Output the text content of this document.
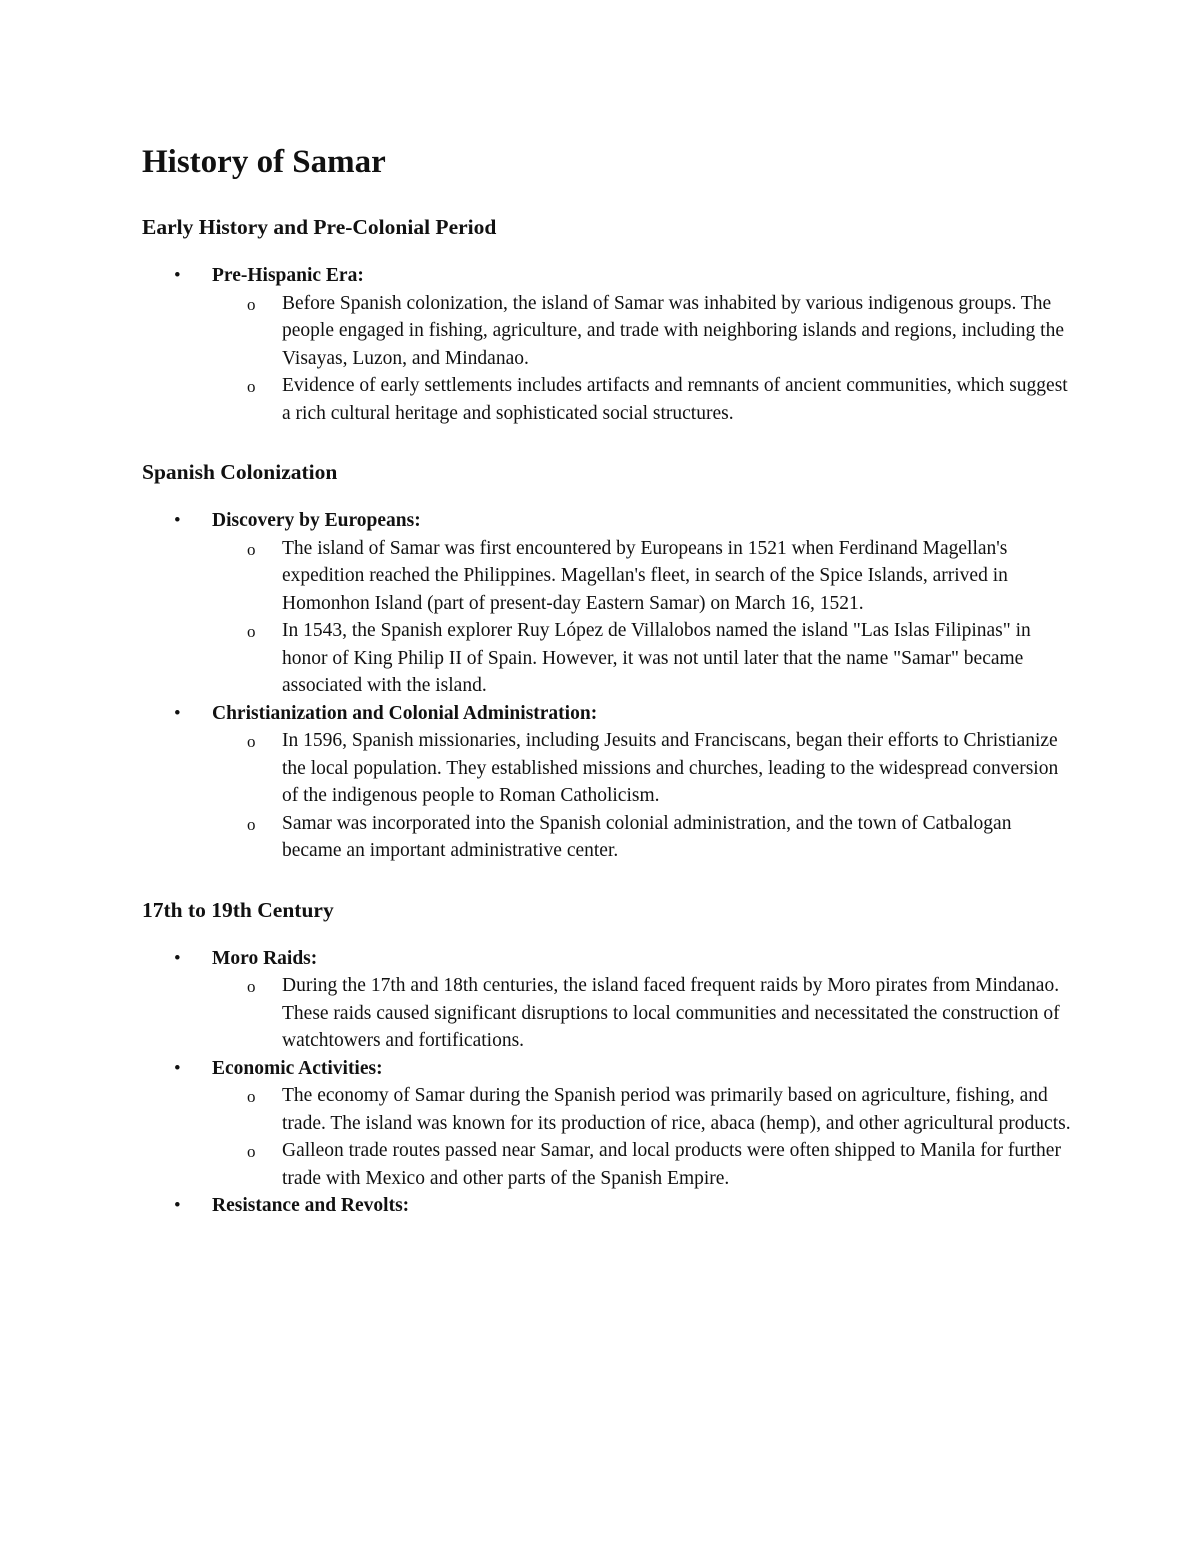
History of Samar
Early History and Pre-Colonial Period
• Pre-Hispanic Era:
o Before Spanish colonization, the island of Samar was inhabited by various indigenous groups. The people engaged in fishing, agriculture, and trade with neighboring islands and regions, including the Visayas, Luzon, and Mindanao.
o Evidence of early settlements includes artifacts and remnants of ancient communities, which suggest a rich cultural heritage and sophisticated social structures.
Spanish Colonization
• Discovery by Europeans:
o The island of Samar was first encountered by Europeans in 1521 when Ferdinand Magellan's expedition reached the Philippines. Magellan's fleet, in search of the Spice Islands, arrived in Homonhon Island (part of present-day Eastern Samar) on March 16, 1521.
o In 1543, the Spanish explorer Ruy López de Villalobos named the island "Las Islas Filipinas" in honor of King Philip II of Spain. However, it was not until later that the name "Samar" became associated with the island.
• Christianization and Colonial Administration:
o In 1596, Spanish missionaries, including Jesuits and Franciscans, began their efforts to Christianize the local population. They established missions and churches, leading to the widespread conversion of the indigenous people to Roman Catholicism.
o Samar was incorporated into the Spanish colonial administration, and the town of Catbalogan became an important administrative center.
17th to 19th Century
• Moro Raids:
o During the 17th and 18th centuries, the island faced frequent raids by Moro pirates from Mindanao. These raids caused significant disruptions to local communities and necessitated the construction of watchtowers and fortifications.
• Economic Activities:
o The economy of Samar during the Spanish period was primarily based on agriculture, fishing, and trade. The island was known for its production of rice, abaca (hemp), and other agricultural products.
o Galleon trade routes passed near Samar, and local products were often shipped to Manila for further trade with Mexico and other parts of the Spanish Empire.
• Resistance and Revolts:
